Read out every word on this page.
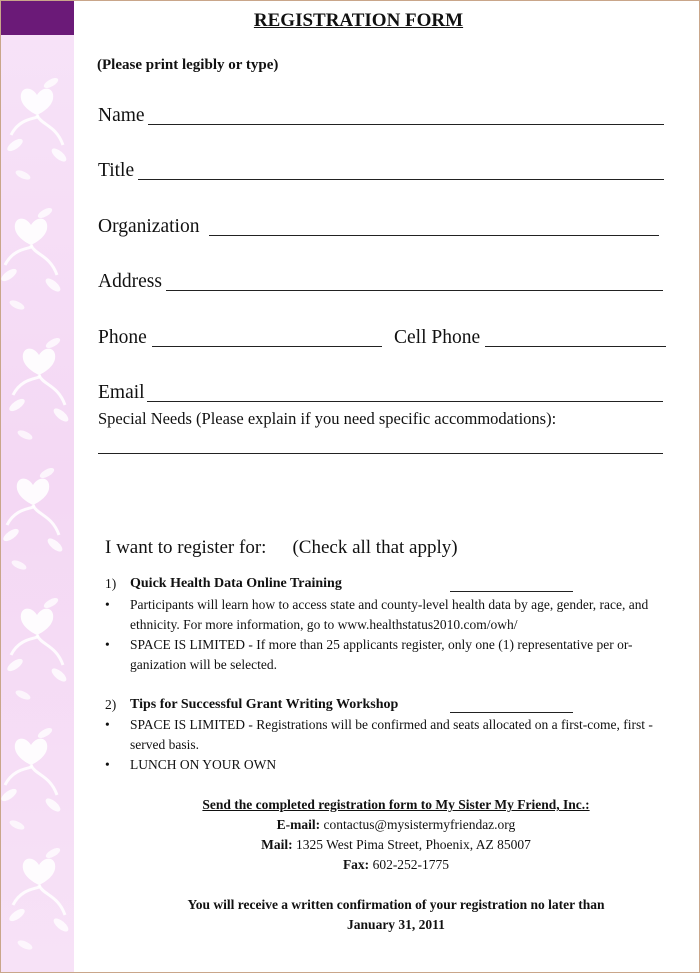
REGISTRATION FORM
(Please print legibly or type)
Name
Title
Organization
Address
Phone	Cell Phone
Email
Special Needs (Please explain if you need specific accommodations):
I want to register for: (Check all that apply)
1) Quick Health Data Online Training
• Participants will learn how to access state and county-level health data by age, gender, race, and ethnicity. For more information, go to www.healthstatus2010.com/owh/
• SPACE IS LIMITED - If more than 25 applicants register, only one (1) representative per or-ganization will be selected.
2) Tips for Successful Grant Writing Workshop
• SPACE IS LIMITED - Registrations will be confirmed and seats allocated on a first-come, first -served basis.
• LUNCH ON YOUR OWN
Send the completed registration form to My Sister My Friend, Inc.:
E-mail: contactus@mysistermyfriendaz.org
Mail: 1325 West Pima Street, Phoenix, AZ 85007
Fax: 602-252-1775
You will receive a written confirmation of your registration no later than
January 31, 2011
